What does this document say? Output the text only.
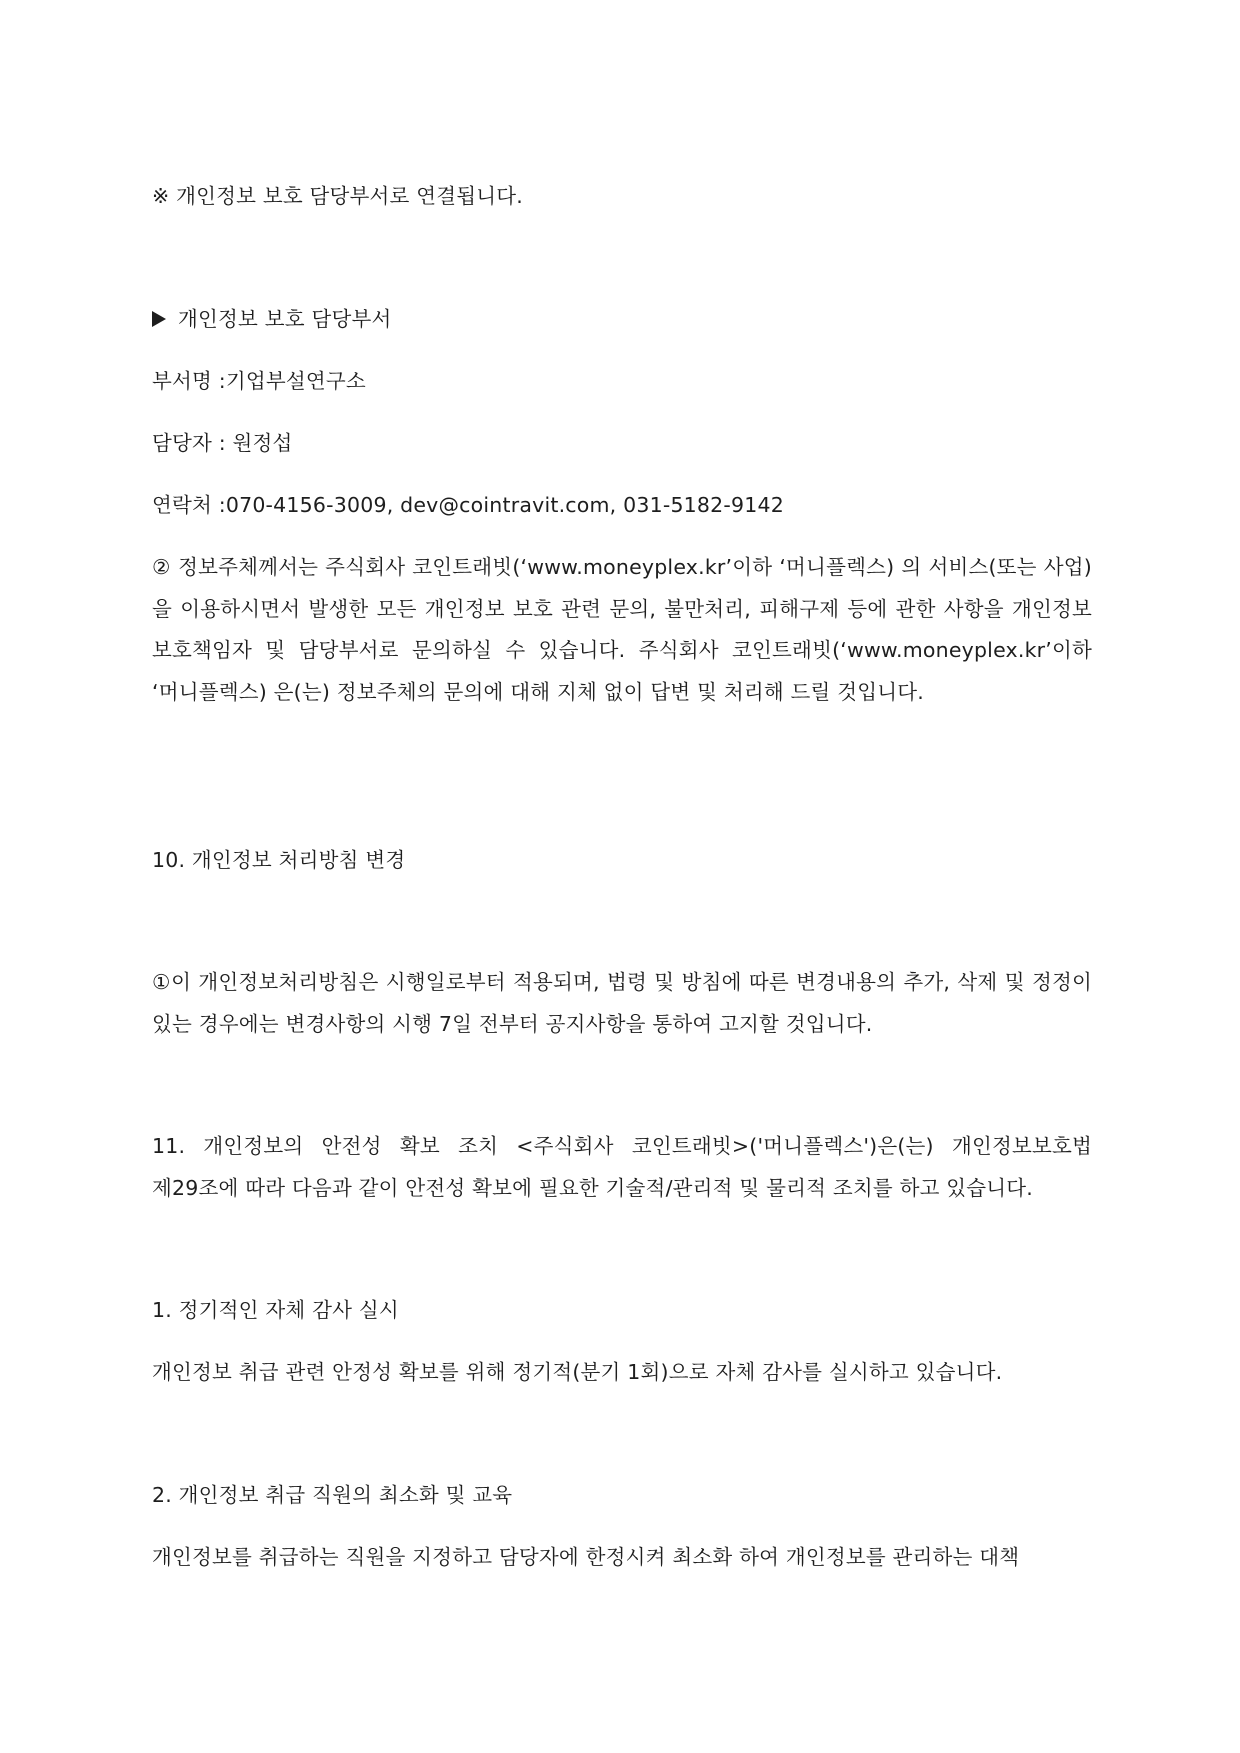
※ 개인정보 보호 담당부서로 연결됩니다.

개인정보 보호 담당부서

부서명 :기업부설연구소

담당자 : 원정섭

연락처 :070-4156-3009, dev@cointravit.com, 031-5182-9142

② 정보주체께서는 주식회사 코인트래빗(‘www.moneyplex.kr’이하 ‘머니플렉스) 의 서비스(또는 사업)을 이용하시면서 발생한 모든 개인정보 보호 관련 문의, 불만처리, 피해구제 등에 관한 사항을 개인정보 보호책임자 및 담당부서로 문의하실 수 있습니다. 주식회사 코인트래빗(‘www.moneyplex.kr’이하 ‘머니플렉스) 은(는) 정보주체의 문의에 대해 지체 없이 답변 및 처리해 드릴 것입니다.

10. 개인정보 처리방침 변경

①이 개인정보처리방침은 시행일로부터 적용되며, 법령 및 방침에 따른 변경내용의 추가, 삭제 및 정정이 있는 경우에는 변경사항의 시행 7일 전부터 공지사항을 통하여 고지할 것입니다.

11. 개인정보의 안전성 확보 조치 <주식회사 코인트래빗>('머니플렉스')은(는) 개인정보보호법 제29조에 따라 다음과 같이 안전성 확보에 필요한 기술적/관리적 및 물리적 조치를 하고 있습니다.

1. 정기적인 자체 감사 실시

개인정보 취급 관련 안정성 확보를 위해 정기적(분기 1회)으로 자체 감사를 실시하고 있습니다.

2. 개인정보 취급 직원의 최소화 및 교육

개인정보를 취급하는 직원을 지정하고 담당자에 한정시켜 최소화 하여 개인정보를 관리하는 대책
